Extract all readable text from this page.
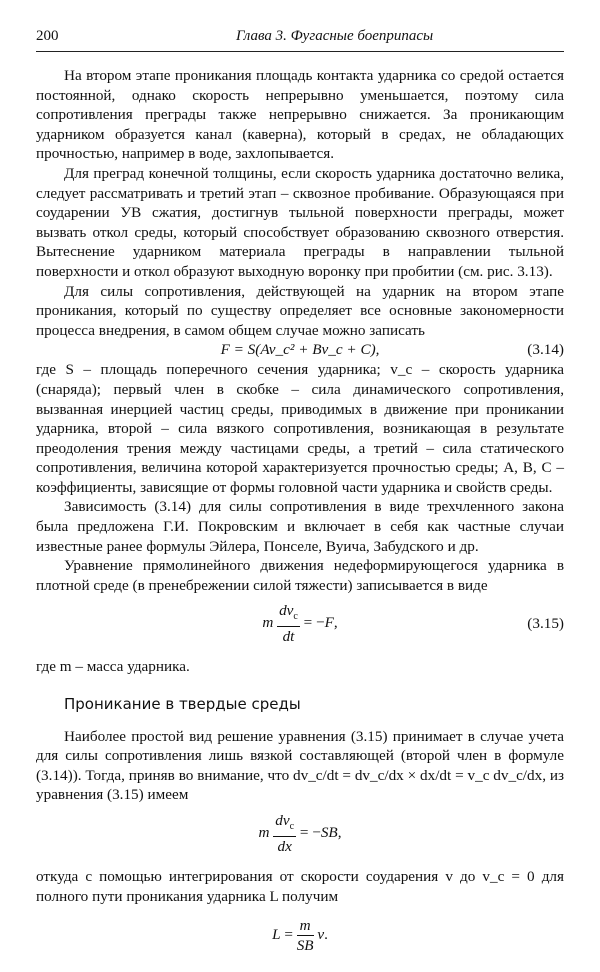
200	Глава 3. Фугасные боеприпасы

На втором этапе проникания площадь контакта ударника со средой остается постоянной, однако скорость непрерывно уменьшается, поэтому сила сопротивления преграды также непрерывно снижается. За проникающим ударником образуется канал (каверна), который в средах, не обладающих прочностью, например в воде, захлопывается.

Для преград конечной толщины, если скорость ударника достаточно велика, следует рассматривать и третий этап – сквозное пробивание. Образующаяся при соударении УВ сжатия, достигнув тыльной поверхности преграды, может вызвать откол среды, который способствует образованию сквозного отверстия. Вытеснение ударником материала преграды в направлении тыльной поверхности и откол образуют выходную воронку при пробитии (см. рис. 3.13).

Для силы сопротивления, действующей на ударник на втором этапе проникания, который по существу определяет все основные закономерности процесса внедрения, в самом общем случае можно записать

F = S(Av_c² + Bv_c + C),	(3.14)

где S – площадь поперечного сечения ударника; v_c – скорость ударника (снаряда); первый член в скобке – сила динамического сопротивления, вызванная инерцией частиц среды, приводимых в движение при проникании ударника, второй – сила вязкого сопротивления, возникающая в результате преодоления трения между частицами среды, а третий – сила статического сопротивления, величина которой характеризуется прочностью среды; A, B, C – коэффициенты, зависящие от формы головной части ударника и свойств среды.

Зависимость (3.14) для силы сопротивления в виде трехчленного закона была предложена Г.И. Покровским и включает в себя как частные случаи известные ранее формулы Эйлера, Понселе, Вуича, Забудского и др.

Уравнение прямолинейного движения недеформирующегося ударника в плотной среде (в пренебрежении силой тяжести) записывается в виде

m $\frac{dv_c}{dt} = -F$,	(3.15)

где m – масса ударника.

Проникание в твердые среды

Наиболее простой вид решение уравнения (3.15) принимает в случае учета для силы сопротивления лишь вязкой составляющей (второй член в формуле (3.14)). Тогда, приняв во внимание, что dv_c/dt = dv_c/dx × dx/dt = v_c dv_c/dx, из уравнения (3.15) имеем

m $\frac{dv_c}{dx} = -SB$,

откуда с помощью интегрирования от скорости соударения v до v_c = 0 для полного пути проникания ударника L получим

$L = \frac{m}{SB} v$.
